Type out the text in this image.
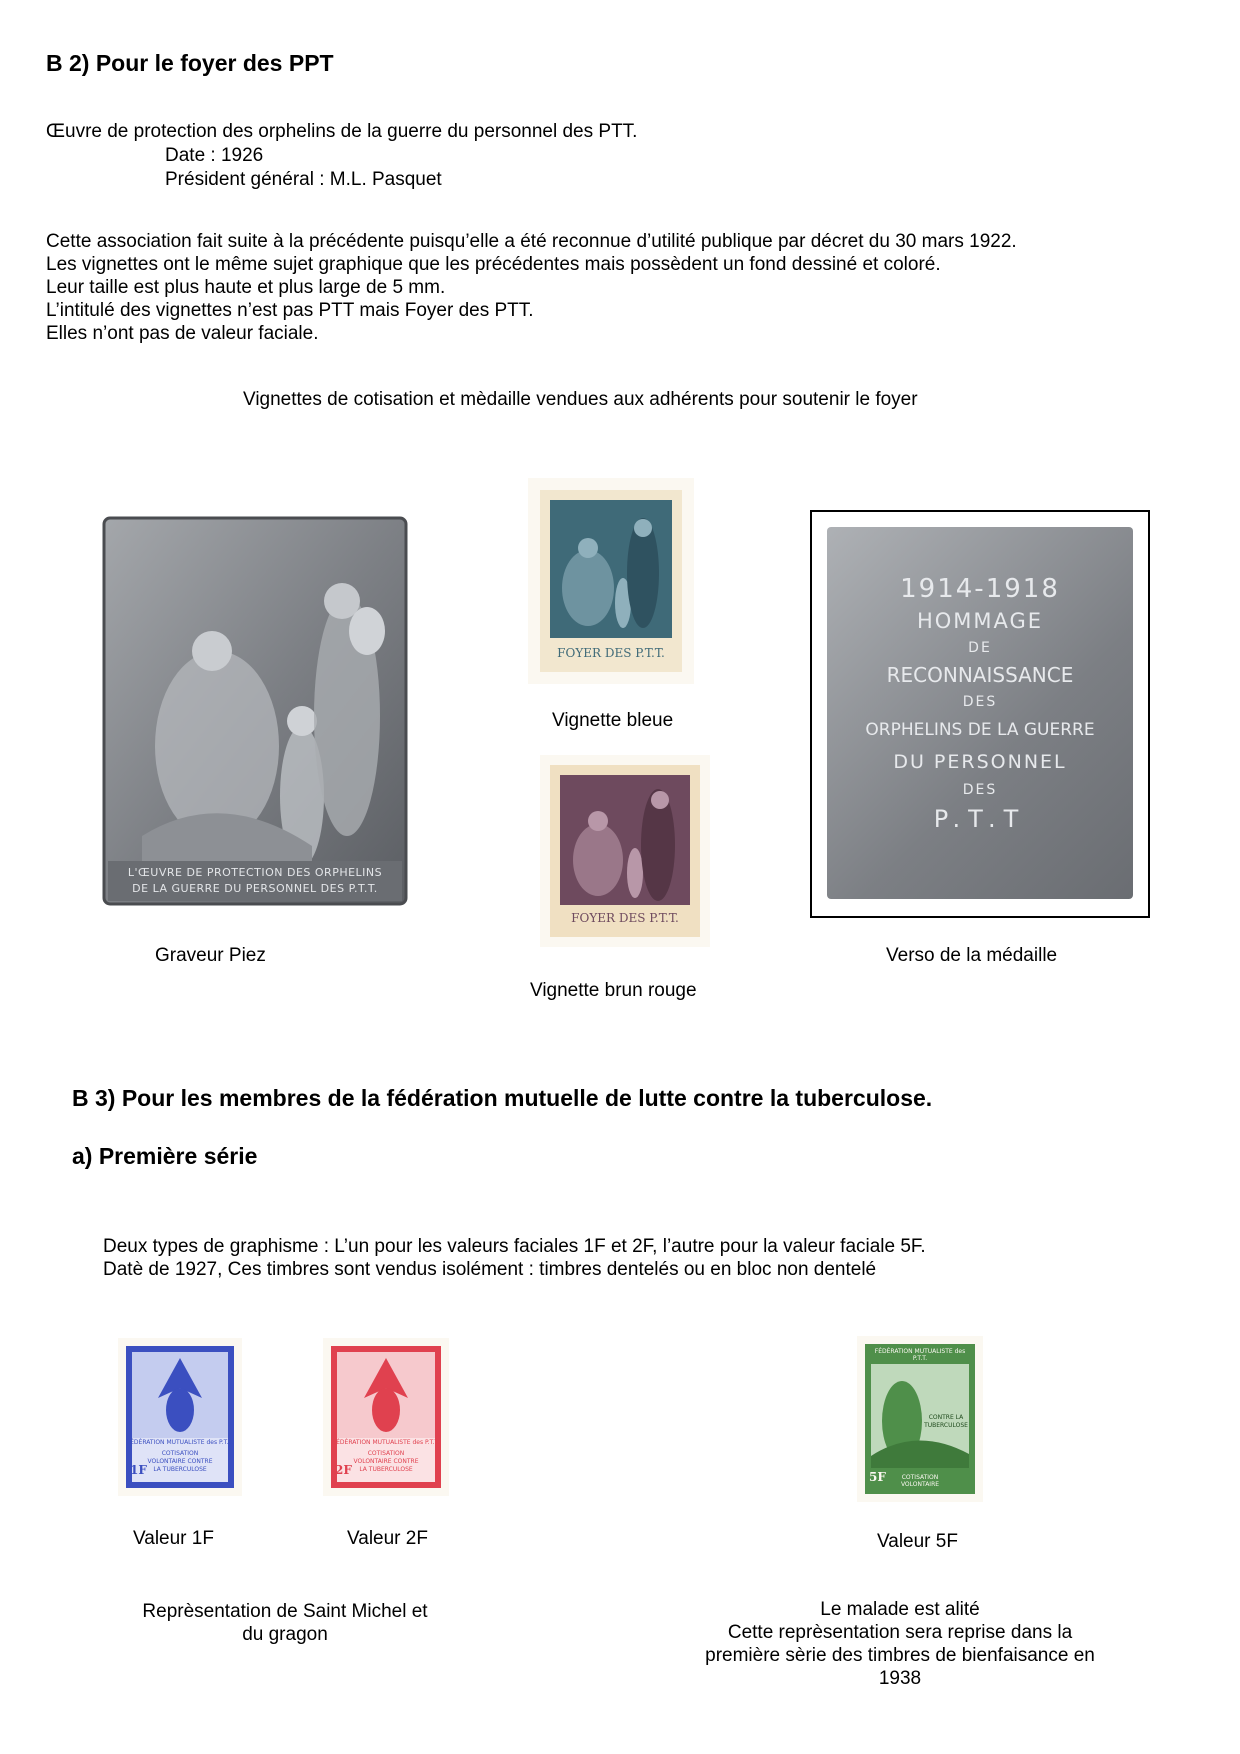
B 2) Pour le foyer des PPT
Œuvre de protection des orphelins de la guerre du personnel des PTT.
Date : 1926
Président général : M.L. Pasquet
Cette association fait suite à la précédente puisqu’elle a été reconnue d’utilité publique par décret du 30 mars 1922.
Les vignettes ont le même sujet graphique que les précédentes mais possèdent un fond dessiné et coloré.
Leur taille est plus haute et plus large de 5 mm.
L’intitulé des vignettes n’est pas PTT mais Foyer des PTT.
Elles n’ont pas de valeur faciale.
Vignettes de cotisation et mèdaille vendues aux adhérents pour soutenir le foyer
L'ŒUVRE DE PROTECTION DES ORPHELINS
DE LA GUERRE DU PERSONNEL DES P.T.T.
Graveur Piez
FOYER DES P.T.T.
Vignette bleue
FOYER DES P.T.T.
Vignette brun rouge
1914-1918
HOMMAGE
DE
RECONNAISSANCE
DES
ORPHELINS DE LA GUERRE
DU PERSONNEL
DES
P.T.T
Verso de la médaille
B 3) Pour les membres de la fédération mutuelle de lutte contre la tuberculose.
a) Première série
Deux types de graphisme : L’un pour les valeurs faciales 1F et 2F, l’autre pour la valeur faciale 5F.
Datè de 1927, Ces timbres sont vendus isolément : timbres dentelés ou en bloc non dentelé
FÉDÉRATION MUTUALISTE des P.T.T.
COTISATION VOLONTAIRE CONTRE LA TUBERCULOSE
1F
Valeur 1F
FÉDÉRATION MUTUALISTE des P.T.T.
COTISATION VOLONTAIRE CONTRE LA TUBERCULOSE
2F
Valeur 2F
FÉDÉRATION MUTUALISTE des P.T.T.
CONTRE LA TUBERCULOSE
COTISATION VOLONTAIRE
5F
Valeur 5F
Reprèsentation de Saint Michel et
du gragon
Le malade est alité
Cette reprèsentation sera reprise dans la
première sèrie des timbres de bienfaisance en
1938
